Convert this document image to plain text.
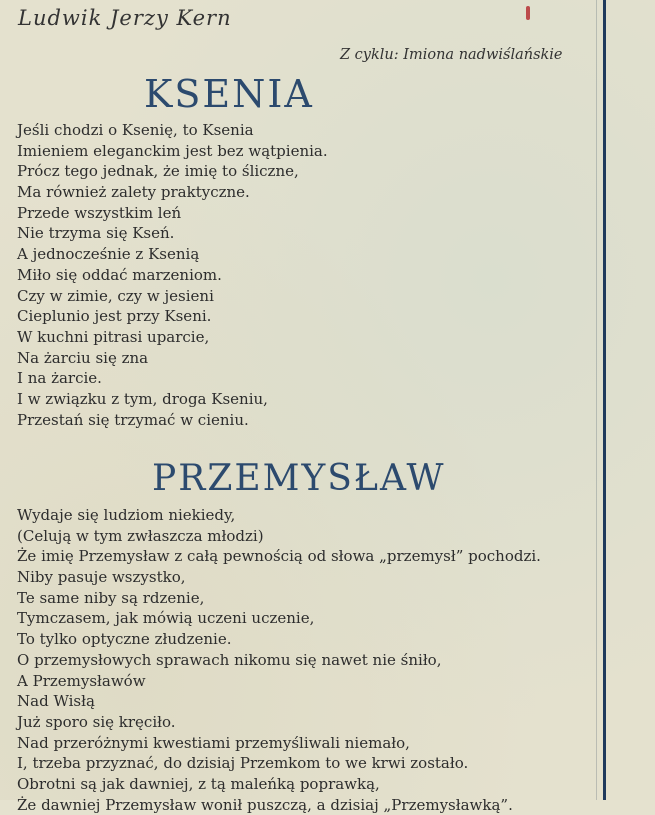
Ludwik Jerzy Kern
Z cyklu: Imiona nadwiślańskie
KSENIA
Jeśli chodzi o Ksenię, to Ksenia
Imieniem eleganckim jest bez wątpienia.
Prócz tego jednak, że imię to śliczne,
Ma również zalety praktyczne.
Przede wszystkim leń
Nie trzyma się Kseń.
A jednocześnie z Ksenią
Miło się oddać marzeniom.
Czy w zimie, czy w jesieni
Cieplunio jest przy Kseni.
W kuchni pitrasi uparcie,
Na żarciu się zna
I na żarcie.
I w związku z tym, droga Kseniu,
Przestań się trzymać w cieniu.
PRZEMYSŁAW
Wydaje się ludziom niekiedy,
(Celują w tym zwłaszcza młodzi)
Że imię Przemysław z całą pewnością od słowa „przemysł” pochodzi.
Niby pasuje wszystko,
Te same niby są rdzenie,
Tymczasem, jak mówią uczeni uczenie,
To tylko optyczne złudzenie.
O przemysłowych sprawach nikomu się nawet nie śniło,
A Przemysławów
Nad Wisłą
Już sporo się kręciło.
Nad przeróżnymi kwestiami przemyśliwali niemało,
I, trzeba przyznać, do dzisiaj Przemkom to we krwi zostało.
Obrotni są jak dawniej, z tą maleńką poprawką,
Że dawniej Przemysław wonił puszczą, a dzisiaj „Przemysławką”.
